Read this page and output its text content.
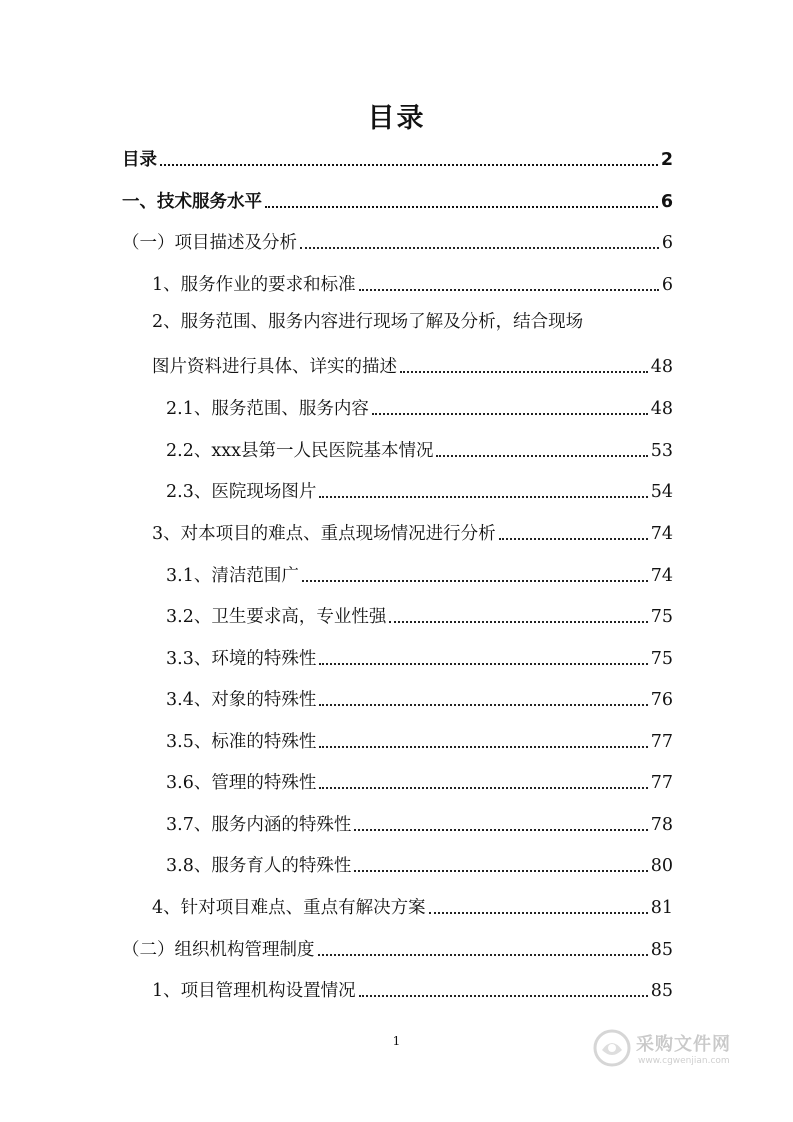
目录
目录	2
一、技术服务水平	6
（一）项目描述及分析	6
1、服务作业的要求和标准	6
2、服务范围、服务内容进行现场了解及分析，结合现场
图片资料进行具体、详实的描述	48
2.1、服务范围、服务内容	48
2.2、xxx县第一人民医院基本情况	53
2.3、医院现场图片	54
3、对本项目的难点、重点现场情况进行分析	74
3.1、清洁范围广	74
3.2、卫生要求高，专业性强	75
3.3、环境的特殊性	75
3.4、对象的特殊性	76
3.5、标准的特殊性	77
3.6、管理的特殊性	77
3.7、服务内涵的特殊性	78
3.8、服务育人的特殊性	80
4、针对项目难点、重点有解决方案	81
（二）组织机构管理制度	85
1、项目管理机构设置情况	85
1	采购文件网
www.cgwenjian.com
